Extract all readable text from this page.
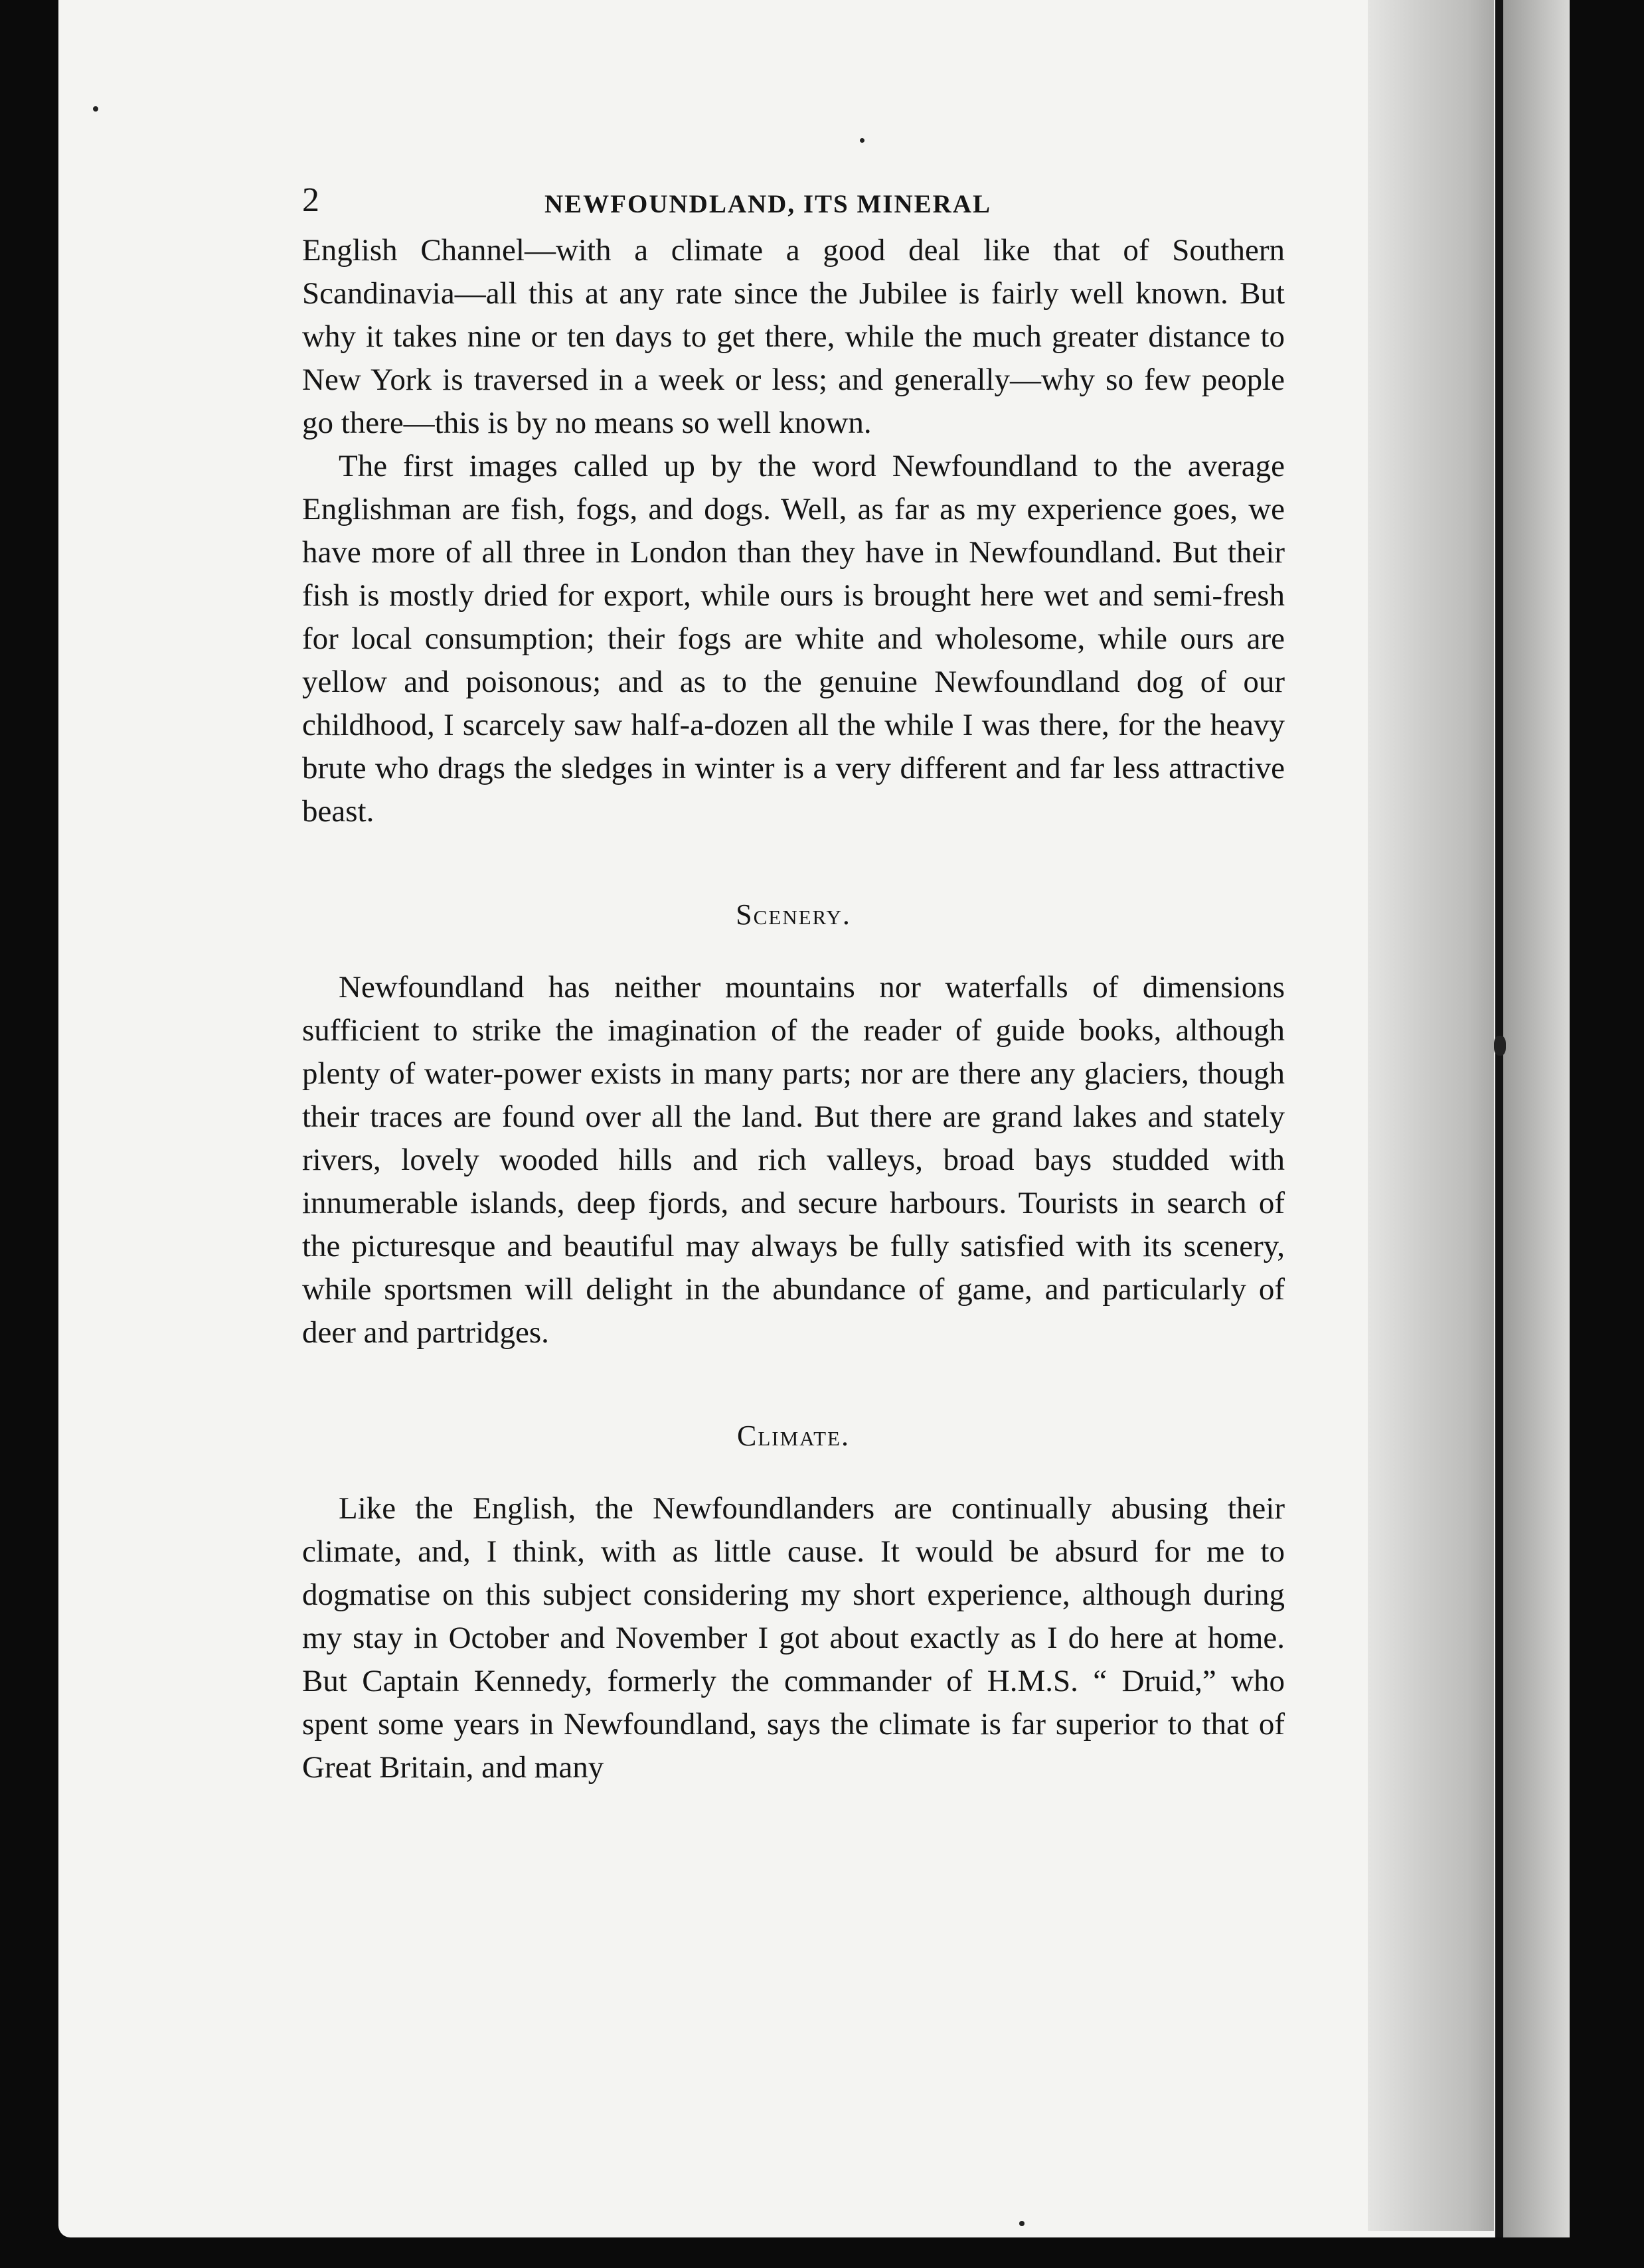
2	NEWFOUNDLAND, ITS MINERAL

English Channel—with a climate a good deal like that of Southern Scandinavia—all this at any rate since the Jubilee is fairly well known. But why it takes nine or ten days to get there, while the much greater distance to New York is traversed in a week or less; and generally—why so few people go there—this is by no means so well known.

The first images called up by the word Newfoundland to the average Englishman are fish, fogs, and dogs. Well, as far as my experience goes, we have more of all three in London than they have in Newfoundland. But their fish is mostly dried for export, while ours is brought here wet and semi-fresh for local consumption; their fogs are white and wholesome, while ours are yellow and poisonous; and as to the genuine Newfoundland dog of our childhood, I scarcely saw half-a-dozen all the while I was there, for the heavy brute who drags the sledges in winter is a very different and far less attractive beast.

Scenery.

Newfoundland has neither mountains nor waterfalls of dimensions sufficient to strike the imagination of the reader of guide books, although plenty of water-power exists in many parts; nor are there any glaciers, though their traces are found over all the land. But there are grand lakes and stately rivers, lovely wooded hills and rich valleys, broad bays studded with innumerable islands, deep fjords, and secure harbours. Tourists in search of the picturesque and beautiful may always be fully satisfied with its scenery, while sportsmen will delight in the abundance of game, and particularly of deer and partridges.

Climate.

Like the English, the Newfoundlanders are continually abusing their climate, and, I think, with as little cause. It would be absurd for me to dogmatise on this subject considering my short experience, although during my stay in October and November I got about exactly as I do here at home. But Captain Kennedy, formerly the commander of H.M.S. “ Druid,” who spent some years in Newfoundland, says the climate is far superior to that of Great Britain, and many
